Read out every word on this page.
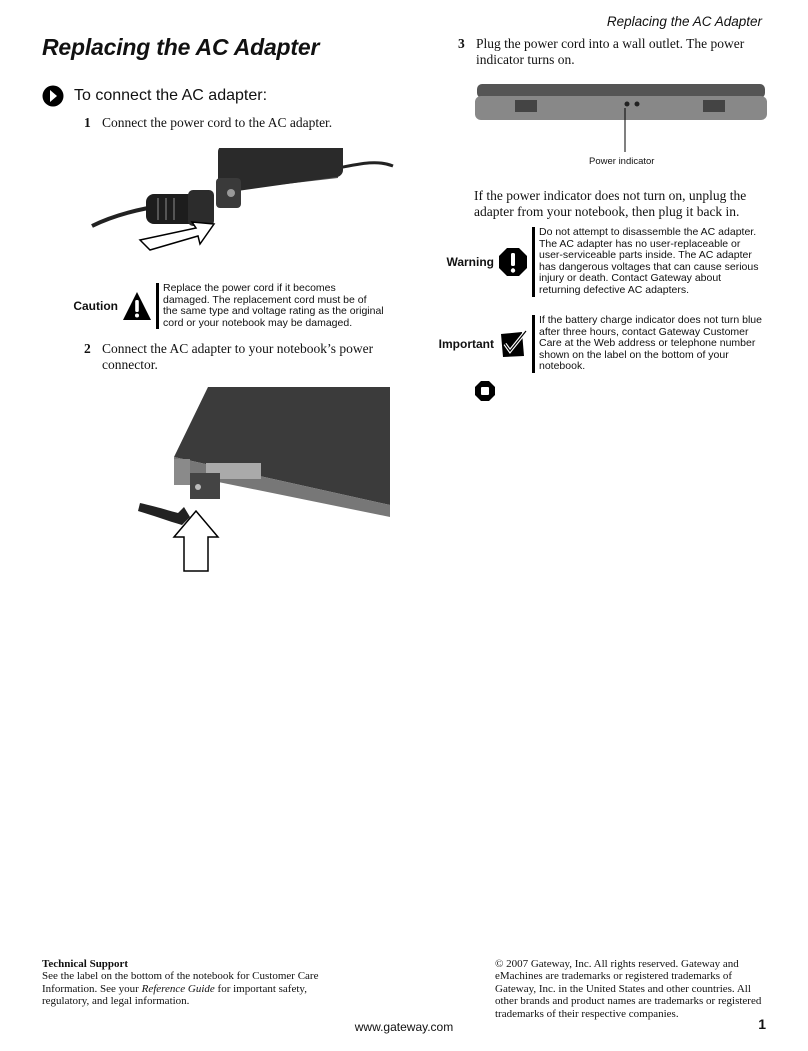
Replacing the AC Adapter
Replacing the AC Adapter
To connect the AC adapter:
1 Connect the power cord to the AC adapter.
Caution
Replace the power cord if it becomes damaged. The replacement cord must be of the same type and voltage rating as the original cord or your notebook may be damaged.
2 Connect the AC adapter to your notebook’s power connector.
3 Plug the power cord into a wall outlet. The power indicator turns on.
Power indicator
If the power indicator does not turn on, unplug the adapter from your notebook, then plug it back in.
Warning
Do not attempt to disassemble the AC adapter. The AC adapter has no user-replaceable or user-serviceable parts inside. The AC adapter has dangerous voltages that can cause serious injury or death. Contact Gateway about returning defective AC adapters.
Important
If the battery charge indicator does not turn blue after three hours, contact Gateway Customer Care at the Web address or telephone number shown on the label on the bottom of your notebook.
Technical Support
See the label on the bottom of the notebook for Customer Care Information. See your Reference Guide for important safety, regulatory, and legal information.
© 2007 Gateway, Inc. All rights reserved. Gateway and eMachines are trademarks or registered trademarks of Gateway, Inc. in the United States and other countries. All other brands and product names are trademarks or registered trademarks of their respective companies.
www.gateway.com	1
